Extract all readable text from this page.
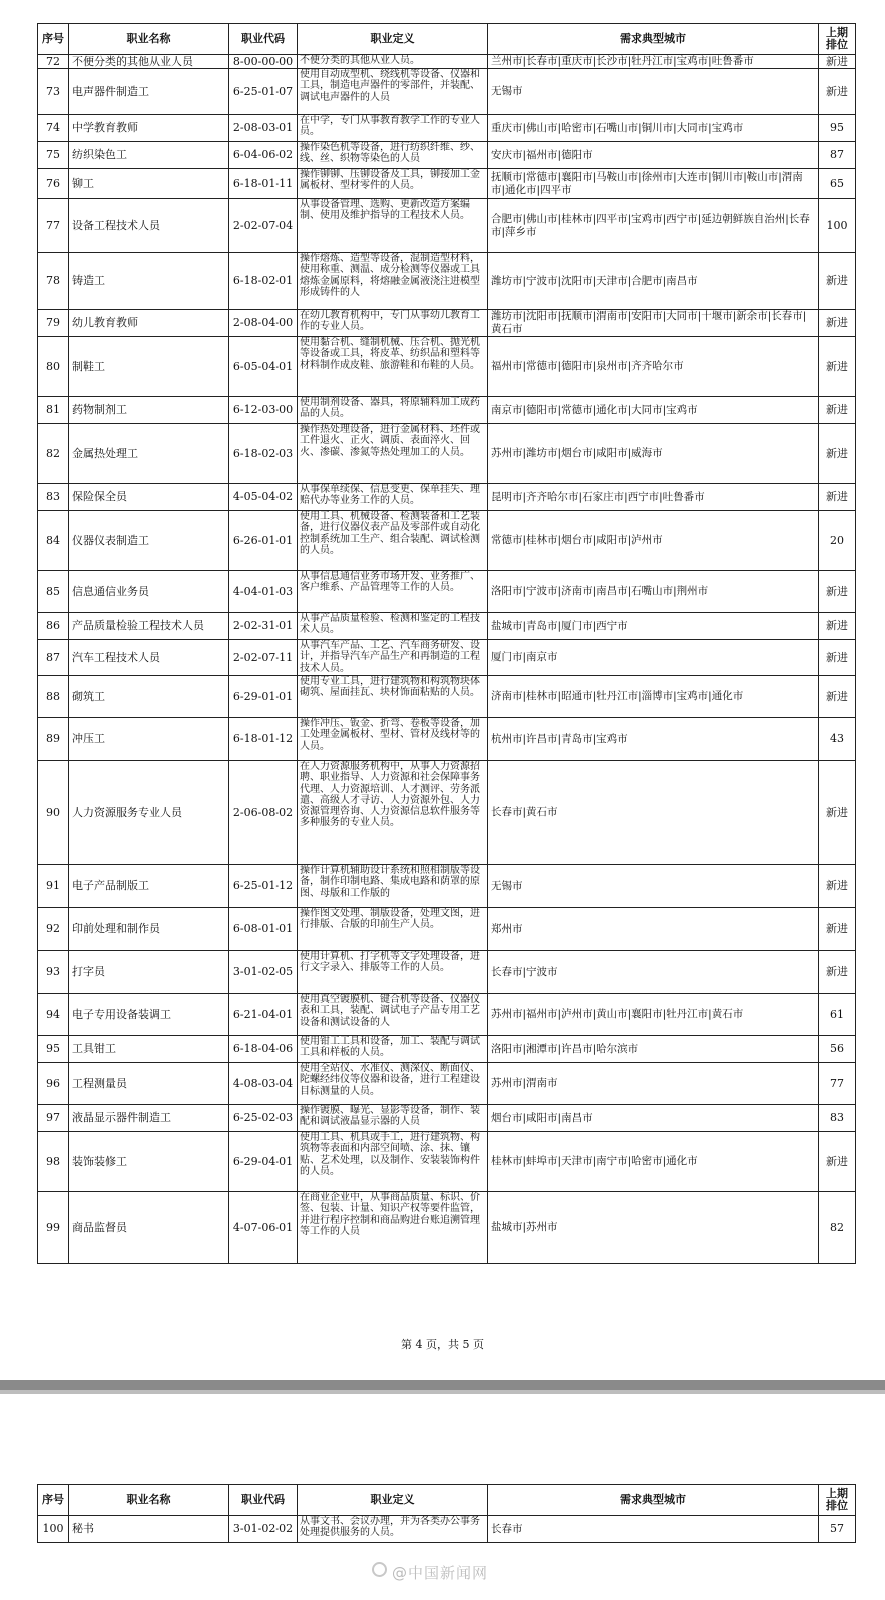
序号	职业名称	职业代码	职业定义	需求典型城市	上期排位
72	不便分类的其他从业人员	8-00-00-00	不便分类的其他从业人员。	兰州市|长春市|重庆市|长沙市|牡丹江市|宝鸡市|吐鲁番市	新进
73	电声器件制造工	6-25-01-07	使用自动成型机、绕线机等设备、仪器和工具，制造电声器件的零部件，并装配、调试电声器件的人员	无锡市	新进
74	中学教育教师	2-08-03-01	在中学，专门从事教育教学工作的专业人员。	重庆市|佛山市|哈密市|石嘴山市|铜川市|大同市|宝鸡市	95
75	纺织染色工	6-04-06-02	操作染色机等设备，进行纺织纤维、纱、线、丝、织物等染色的人员	安庆市|福州市|德阳市	87
76	铆工	6-18-01-11	操作铆铆、压铆设备及工具，铆接加工金属板材、型材零件的人员。	抚顺市|常德市|襄阳市|马鞍山市|徐州市|大连市|铜川市|鞍山市|渭南市|通化市|四平市	65
77	设备工程技术人员	2-02-07-04	从事设备管理、选购、更新改造方案编制、使用及维护指导的工程技术人员。	合肥市|佛山市|桂林市|四平市|宝鸡市|西宁市|延边朝鲜族自治州|长春市|萍乡市	100
78	铸造工	6-18-02-01	操作熔炼、造型等设备，混制造型材料，使用称重、测温、成分检测等仪器或工具熔炼金属原料，将熔融金属液浇注进模型形成铸件的人	潍坊市|宁波市|沈阳市|天津市|合肥市|南昌市	新进
79	幼儿教育教师	2-08-04-00	在幼儿教育机构中，专门从事幼儿教育工作的专业人员。	潍坊市|沈阳市|抚顺市|渭南市|安阳市|大同市|十堰市|新余市|长春市|黄石市	新进
80	制鞋工	6-05-04-01	使用黏合机、缝制机械、压合机、抛光机等设备或工具，将皮革、纺织品和塑料等材料制作成皮鞋、旅游鞋和布鞋的人员。	福州市|常德市|德阳市|泉州市|齐齐哈尔市	新进
81	药物制剂工	6-12-03-00	使用制剂设备、器具，将原辅料加工成药品的人员。	南京市|德阳市|常德市|通化市|大同市|宝鸡市	新进
82	金属热处理工	6-18-02-03	操作热处理设备，进行金属材料、坯件或工件退火、正火、调质、表面淬火、回火、渗碳、渗氮等热处理加工的人员。	苏州市|潍坊市|烟台市|咸阳市|威海市	新进
83	保险保全员	4-05-04-02	从事保单续保、信息变更、保单挂失、理赔代办等业务工作的人员。	昆明市|齐齐哈尔市|石家庄市|西宁市|吐鲁番市	新进
84	仪器仪表制造工	6-26-01-01	使用工具、机械设备、检测装备和工艺装备，进行仪器仪表产品及零部件或自动化控制系统加工生产、组合装配、调试检测的人员。	常德市|桂林市|烟台市|咸阳市|泸州市	20
85	信息通信业务员	4-04-01-03	从事信息通信业务市场开发、业务推广、客户维系、产品管理等工作的人员。	洛阳市|宁波市|济南市|南昌市|石嘴山市|荆州市	新进
86	产品质量检验工程技术人员	2-02-31-01	从事产品质量检验、检测和鉴定的工程技术人员。	盐城市|青岛市|厦门市|西宁市	新进
87	汽车工程技术人员	2-02-07-11	从事汽车产品、工艺、汽车商务研发、设计，并指导汽车产品生产和再制造的工程技术人员。	厦门市|南京市	新进
88	砌筑工	6-29-01-01	使用专业工具，进行建筑物和构筑物块体砌筑、屋面挂瓦、块材饰面粘贴的人员。	济南市|桂林市|昭通市|牡丹江市|淄博市|宝鸡市|通化市	新进
89	冲压工	6-18-01-12	操作冲压、钣金、折弯、卷板等设备，加工处理金属板材、型材、管材及线材等的人员。	杭州市|许昌市|青岛市|宝鸡市	43
90	人力资源服务专业人员	2-06-08-02	在人力资源服务机构中，从事人力资源招聘、职业指导、人力资源和社会保障事务代理、人力资源培训、人才测评、劳务派遣、高级人才寻访、人力资源外包、人力资源管理咨询、人力资源信息软件服务等多种服务的专业人员。	长春市|黄石市	新进
91	电子产品制版工	6-25-01-12	操作计算机辅助设计系统和照相制版等设备，制作印制电路、集成电路和荫罩的原图、母版和工作版的	无锡市	新进
92	印前处理和制作员	6-08-01-01	操作图文处理、制版设备，处理文图，进行排版、合版的印前生产人员。	郑州市	新进
93	打字员	3-01-02-05	使用计算机、打字机等文字处理设备，进行文字录入、排版等工作的人员。	长春市|宁波市	新进
94	电子专用设备装调工	6-21-04-01	使用真空镀膜机、键合机等设备、仪器仪表和工具，装配、调试电子产品专用工艺设备和测试设备的人	苏州市|福州市|泸州市|黄山市|襄阳市|牡丹江市|黄石市	61
95	工具钳工	6-18-04-06	使用钳工工具和设备，加工、装配与调试工具和样板的人员。	洛阳市|湘潭市|许昌市|哈尔滨市	56
96	工程测量员	4-08-03-04	使用全站仪、水准仪、测深仪、断面仪、陀螺经纬仪等仪器和设备，进行工程建设目标测量的人员。	苏州市|渭南市	77
97	液晶显示器件制造工	6-25-02-03	操作镀膜、曝光、显影等设备，制作、装配和调试液晶显示器的人员	烟台市|咸阳市|南昌市	83
98	装饰装修工	6-29-04-01	使用工具、机具或手工，进行建筑物、构筑物等表面和内部空间喷、涂、抹、镶贴、艺术处理，以及制作、安装装饰构件的人员。	桂林市|蚌埠市|天津市|南宁市|哈密市|通化市	新进
99	商品监督员	4-07-06-01	在商业企业中，从事商品质量、标识、价签、包装、计量、知识产权等要件监管，并进行程序控制和商品购进台账追溯管理等工作的人员	盐城市|苏州市	82
第 4 页，共 5 页
序号	职业名称	职业代码	职业定义	需求典型城市	上期排位
100	秘书	3-01-02-02	从事文书、会议办理，并为各类办公事务处理提供服务的人员。	长春市	57
@中国新闻网
